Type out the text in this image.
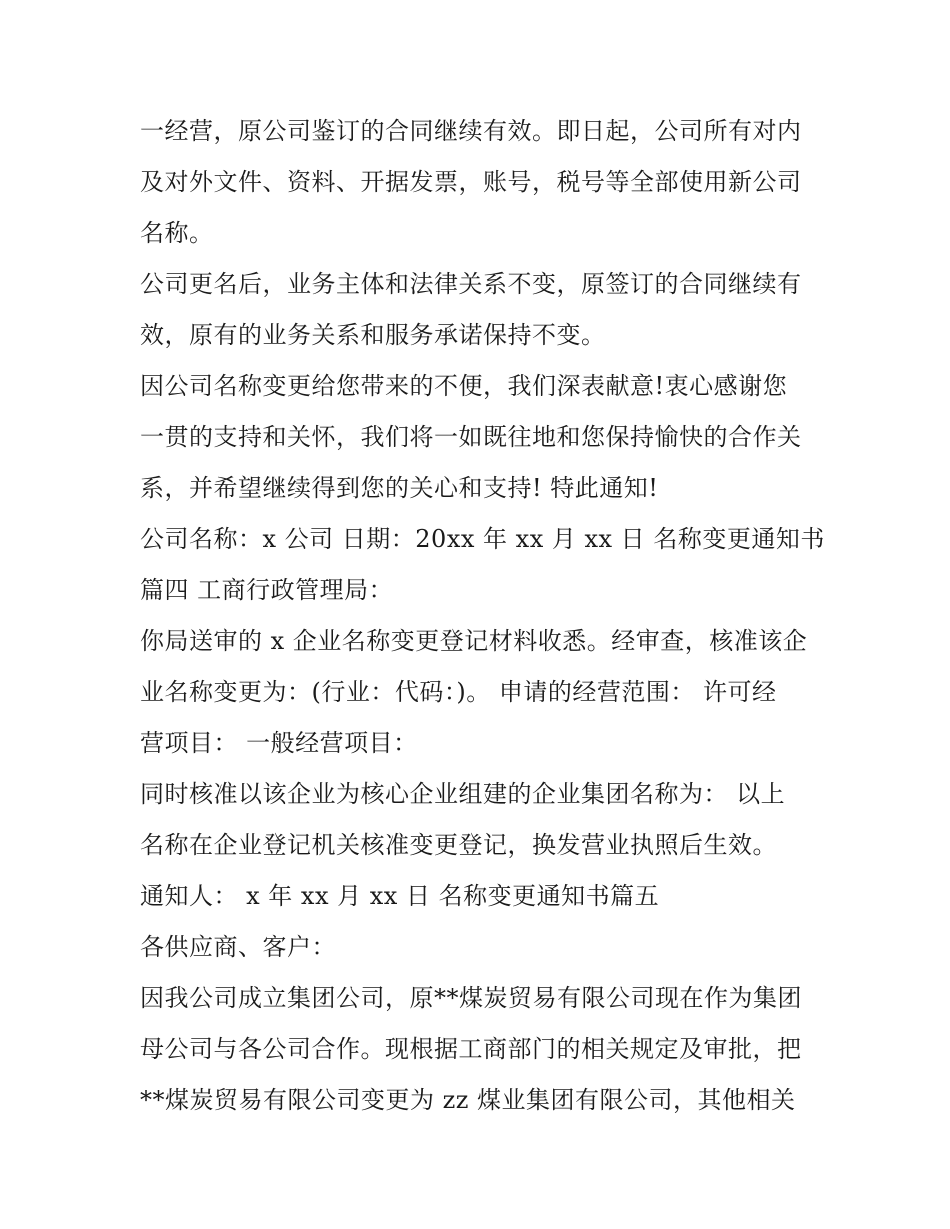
一经营，原公司鉴订的合同继续有效。即日起，公司所有对内
及对外文件、资料、开据发票，账号，税号等全部使用新公司
名称。
公司更名后，业务主体和法律关系不变，原签订的合同继续有
效，原有的业务关系和服务承诺保持不变。
因公司名称变更给您带来的不便，我们深表献意!衷心感谢您
一贯的支持和关怀，我们将一如既往地和您保持愉快的合作关
系，并希望继续得到您的关心和支持! 特此通知!
公司名称：x 公司 日期：20xx 年 xx 月 xx 日 名称变更通知书
篇四 工商行政管理局：
你局送审的 x 企业名称变更登记材料收悉。经审查，核准该企
业名称变更为：(行业：代码：)。 申请的经营范围： 许可经
营项目： 一般经营项目：
同时核准以该企业为核心企业组建的企业集团名称为： 以上
名称在企业登记机关核准变更登记，换发营业执照后生效。
通知人： x 年 xx 月 xx 日 名称变更通知书篇五
各供应商、客户：
因我公司成立集团公司，原**煤炭贸易有限公司现在作为集团
母公司与各公司合作。现根据工商部门的相关规定及审批，把
**煤炭贸易有限公司变更为 zz 煤业集团有限公司，其他相关
